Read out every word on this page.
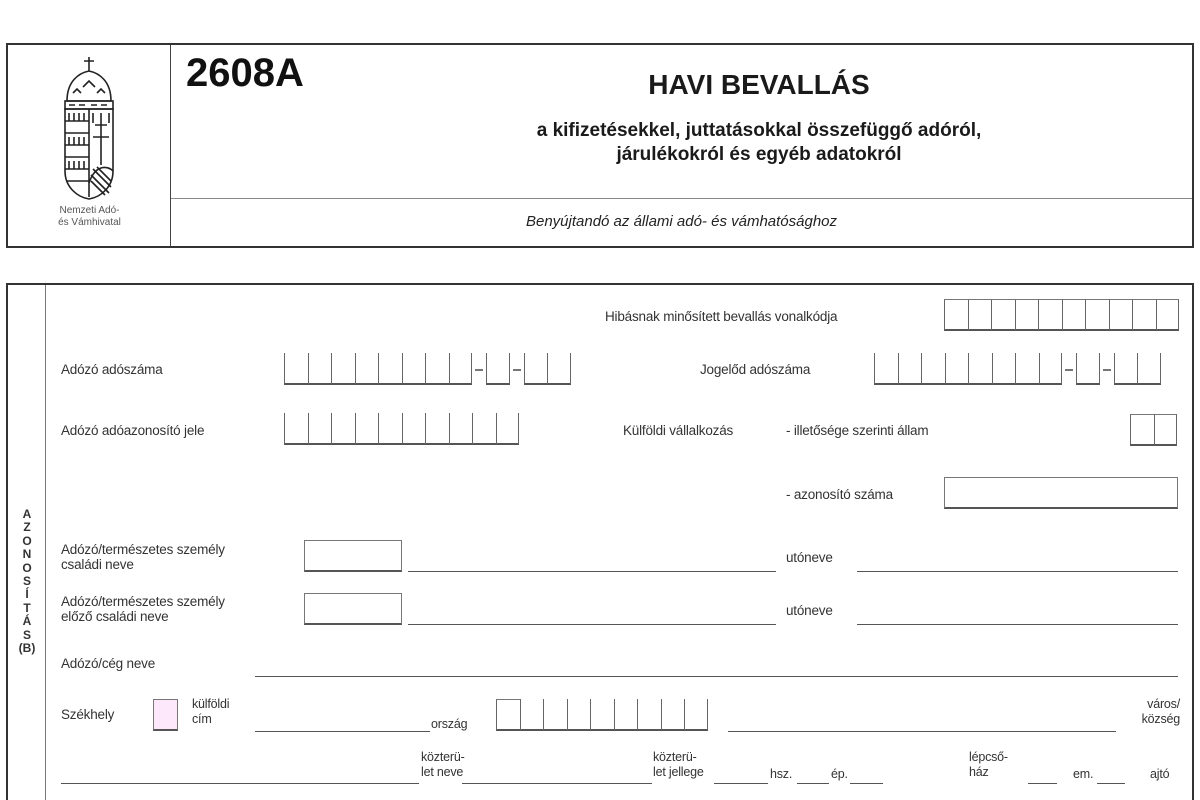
Nemzeti Adó-
és Vámhivatal
2608A	HAVI BEVALLÁS
a kifizetésekkel, juttatásokkal összefüggő adóról,
járulékokról és egyéb adatokról
Benyújtandó az állami adó- és vámhatósághoz
A
Z
O
N
O
S
Í
T
Á
S
(B)
Hibásnak minősített bevallás vonalkódja
Adózó adószáma	Jogelőd adószáma
Adózó adóazonosító jele	Külföldi vállalkozás	- illetősége szerinti állam
- azonosító száma
Adózó/természetes személy
családi neve	utóneve
Adózó/természetes személy
előző családi neve	utóneve
Adózó/cég neve
Székhely
külföldi
cím	ország
város/
község
közterü-
let neve
közterü-
let jellege	hsz.	ép.
lépcső-
ház	em.	ajtó
